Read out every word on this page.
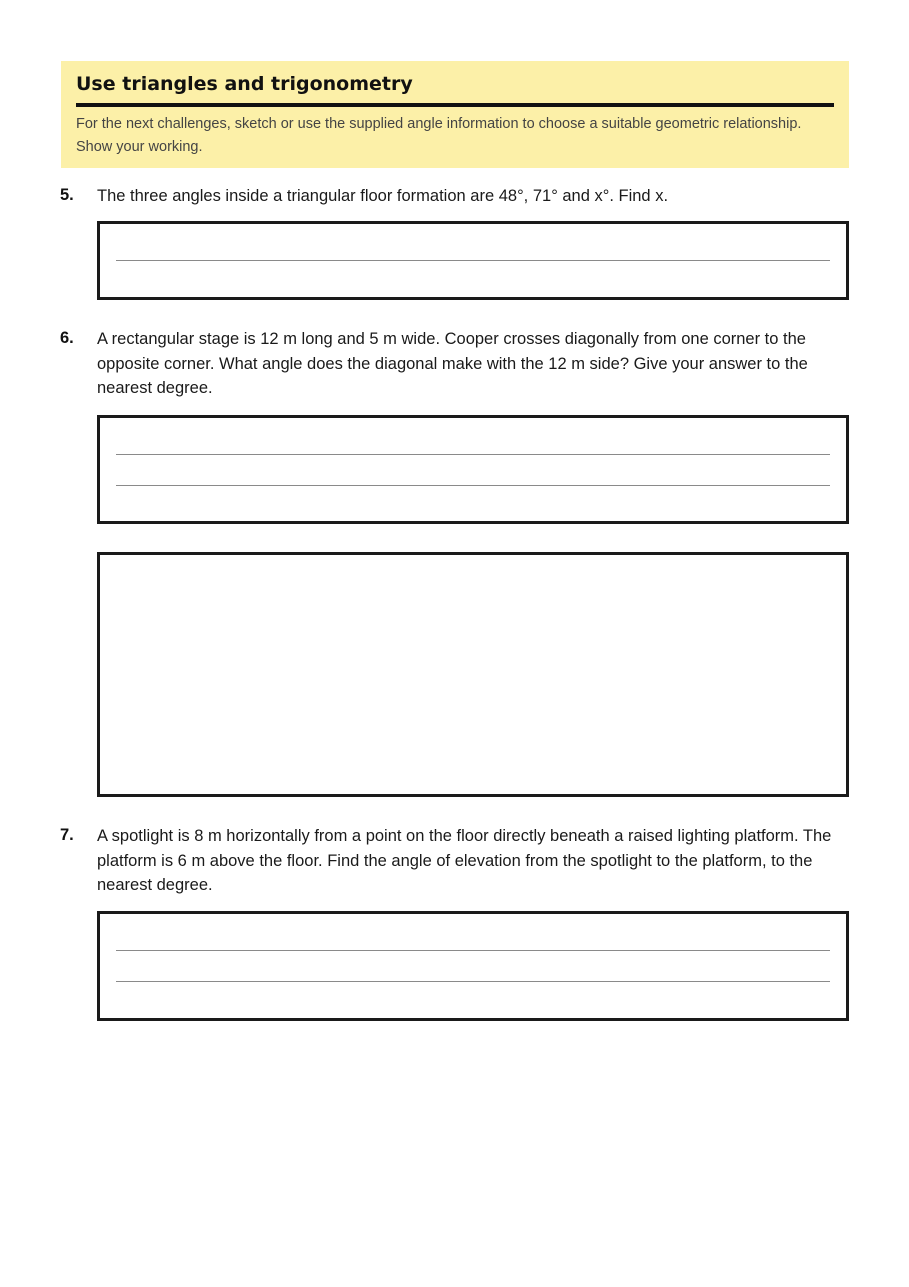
Use triangles and trigonometry
For the next challenges, sketch or use the supplied angle information to choose a suitable geometric relationship. Show your working.
5. The three angles inside a triangular floor formation are 48°, 71° and x°. Find x.
6. A rectangular stage is 12 m long and 5 m wide. Cooper crosses diagonally from one corner to the opposite corner. What angle does the diagonal make with the 12 m side? Give your answer to the nearest degree.
7. A spotlight is 8 m horizontally from a point on the floor directly beneath a raised lighting platform. The platform is 6 m above the floor. Find the angle of elevation from the spotlight to the platform, to the nearest degree.
